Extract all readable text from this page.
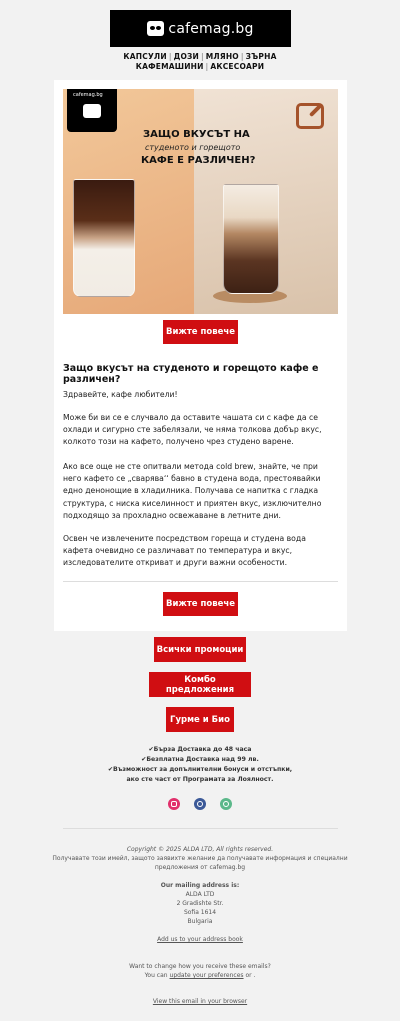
cafemag.bg
КАПСУЛИ | ДОЗИ | МЛЯНО | ЗЪРНА
КАФЕМАШИНИ | АКСЕСОАРИ
cafemag.bg
ЗАЩО ВКУСЪТ НА
студеното и горещото
КАФЕ Е РАЗЛИЧЕН?
Вижте повече
Защо вкусът на студеното и горещото кафе е различен?
Здравейте, кафе любители!
Може би ви се е случвало да оставите чашата си с кафе да се охлади и сигурно сте забелязали, че няма толкова добър вкус, колкото този на кафето, получено чрез студено варене.
Ако все още не сте опитвали метода cold brew, знайте, че при него кафето се „сваряваʻʻ бавно в студена вода, престоявайки едно денонощие в хладилника. Получава се напитка с гладка структура, с ниска киселинност и приятен вкус, изключително подходящо за прохладно освежаване в летните дни.
Освен че извлечените посредством гореща и студена вода кафета очевидно се различават по температура и вкус, изследователите откриват и други важни особености.
Вижте повече
Всички промоции
Комбо предложения
Гурме и Био
✔Бърза Доставка до 48 часа
✔Безплатна Доставка над 99 лв.
✔Възможност за допълнителни бонуси и отстъпки,
ако сте част от Програмата за Лоялност.
Copyright © 2025 ALDA LTD, All rights reserved.
Получавате този имейл, защото заявихте желание да получавате информация и специални
предложения от cafemag.bg
Our mailing address is:
ALDA LTD
2 Gradishte Str.
Sofia 1614
Bulgaria
Add us to your address book
Want to change how you receive these emails?
You can update your preferences or .
View this email in your browser
